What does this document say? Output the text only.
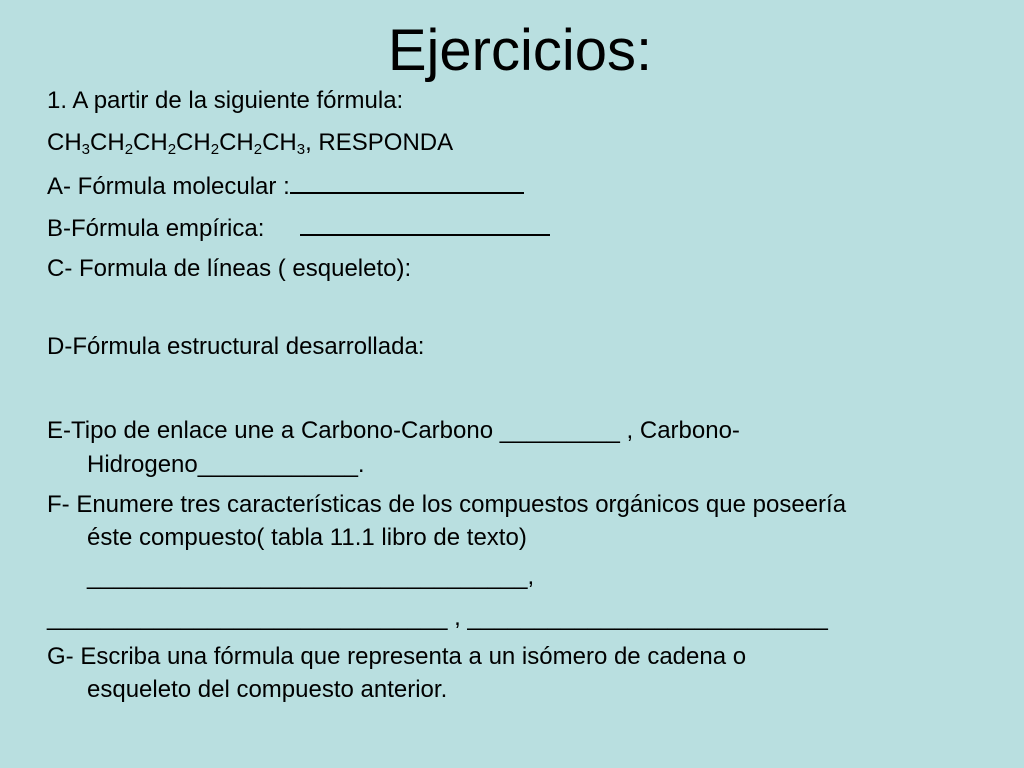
Ejercicios:
1. A partir de la siguiente fórmula:
$CH_3CH_2CH_2CH_2CH_2CH_3$, RESPONDA
A- Fórmula molecular :
B-Fórmula empírica:
C- Formula de líneas ( esqueleto):
D-Fórmula estructural desarrollada:
E-Tipo de enlace une a Carbono-Carbono _________ , Carbono-
Hidrogeno____________.
F- Enumere tres características de los compuestos orgánicos que poseería
éste compuesto( tabla 11.1 libro de texto)
_________________________________,
______________________________ , ___________________________
G- Escriba una fórmula que representa a un isómero de cadena o
esqueleto del compuesto anterior.
